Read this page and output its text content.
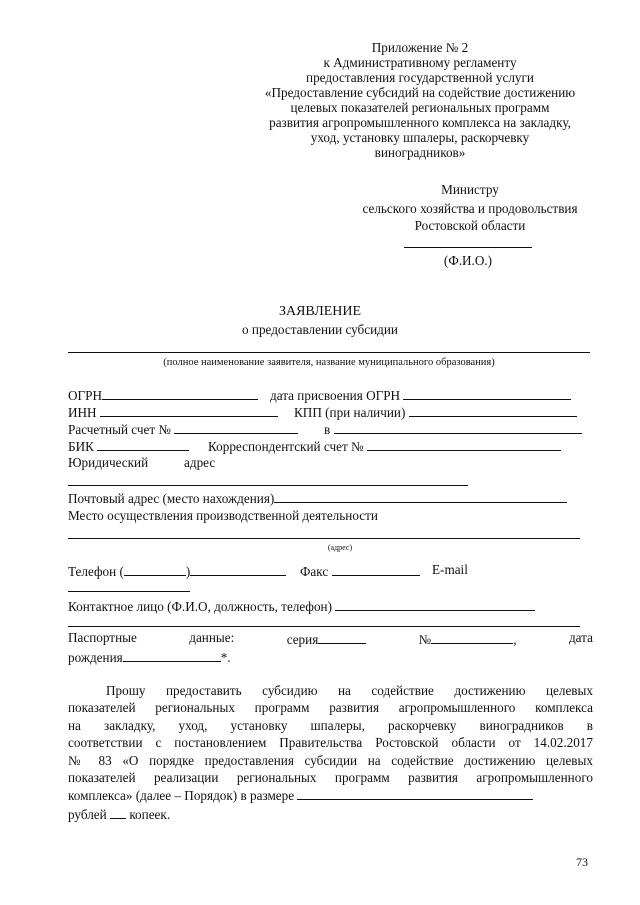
Приложение № 2
к Административному регламенту
предоставления государственной услуги
«Предоставление субсидий на содействие достижению
целевых показателей региональных программ
развития агропромышленного комплекса на закладку,
уход, установку шпалеры, раскорчевку
виноградников»
Министру
сельского хозяйства и продовольствия
Ростовской области
(Ф.И.О.)
ЗАЯВЛЕНИЕ
о предоставлении субсидии
(полное наименование заявителя, название муниципального образования)
ОГРН	дата присвоения ОГРН
ИНН	КПП (при наличии)
Расчетный счет №	в
БИК	Корреспондентский счет №
Юридический	адрес
Почтовый адрес (место нахождения)
Место осуществления производственной деятельности
(адрес)
Телефон (	)	Факс	E-mail
Контактное лицо (Ф.И.О, должность, телефон)
Паспортные	данные:	серия	№	,	дата
рождения	*.

Прошу предоставить субсидию на содействие достижению целевых

показателей региональных программ развития агропромышленного комплекса

на закладку, уход, установку шпалеры, раскорчевку виноградников в

соответствии с постановлением Правительства Ростовской области от 14.02.2017

№ 83 «О порядке предоставления субсидии на содействие достижению целевых

показателей реализации региональных программ развития агропромышленного

комплекса» (далее – Порядок) в размере

рублей копеек.

73
